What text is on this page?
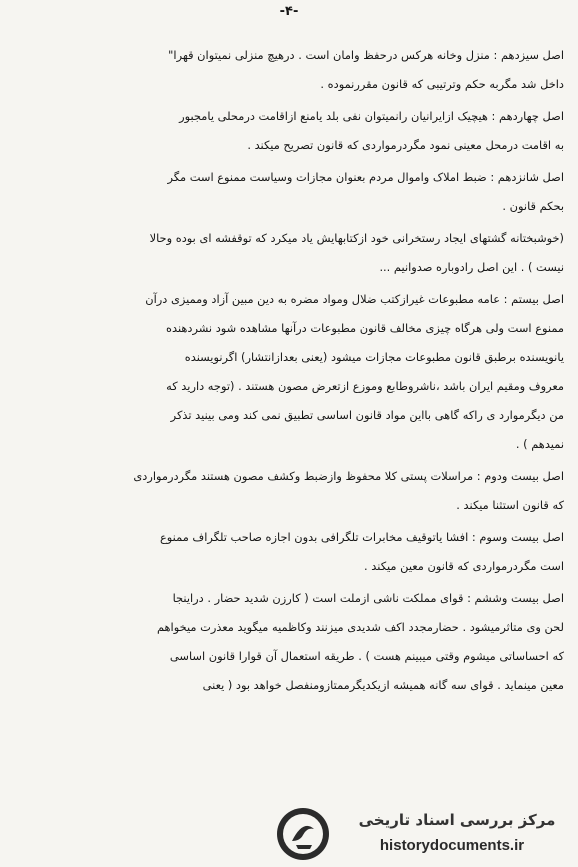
-۴-
اصل سیزدهم : منزل وخانه هرکس درحفظ وامان است . درهیچ منزلی نمیتوان قهرا"
داخل شد مگربه حکم وترتیبی که قانون مقررنموده .
اصل چهاردهم : هیچیک ازایرانیان رانمیتوان نفی بلد یامنع ازاقامت درمحلی یامجبور
به اقامت درمحل معینی نمود مگردرمواردی که قانون تصریح میکند .
اصل شانزدهم : ضبط املاک واموال مردم بعنوان مجازات وسیاست ممنوع است مگر
بحکم قانون .
(خوشبختانه گشتهای ایجاد رستخرانی خود ازکتابهایش یاد میکرد که توقفشه ای بوده وحالا
نیست ) . این اصل رادوباره صدوانیم ...
اصل بیستم : عامه مطبوعات غیرازکتب ضلال ومواد مضره به دین مبین آزاد وممیزی درآن
ممنوع است ولی هرگاه چیزی مخالف قانون مطبوعات درآنها مشاهده شود نشردهنده
یانویسنده برطبق قانون مطبوعات مجازات میشود (یعنی بعدازانتشار) اگرنویسنده
معروف ومقیم ایران باشد ،ناشروطابع وموزع ازتعرض مصون هستند . (توجه دارید که
من دیگرموارد ی راکه گاهی بااین مواد قانون اساسی تطبیق نمی کند ومی بینید تذکر
نمیدهم ) .
اصل بیست ودوم : مراسلات پستی کلا محفوظ وازضبط وکشف مصون هستند مگردرمواردی
که قانون استثنا میکند .
اصل بیست وسوم : افشا یاتوقیف مخابرات تلگرافی بدون اجازه صاحب تلگراف ممنوع
است مگردرمواردی که قانون معین میکند .
اصل بیست وششم : قوای مملکت ناشی ازملت است ( کارزن شدید حضار . دراینجا
لحن وی متاثرمیشود . حضارمجدد اکف شدیدی میزنند وکاظمیه میگوید معذرت میخواهم
که احساساتی میشوم وقتی میبینم هست ) . طریقه استعمال آن قوارا قانون اساسی
معین مینماید . قوای سه گانه همیشه ازیکدیگرممتازومنفصل خواهد بود ( یعنی
مرکز بررسی اسناد تاریخی
historydocuments.ir
